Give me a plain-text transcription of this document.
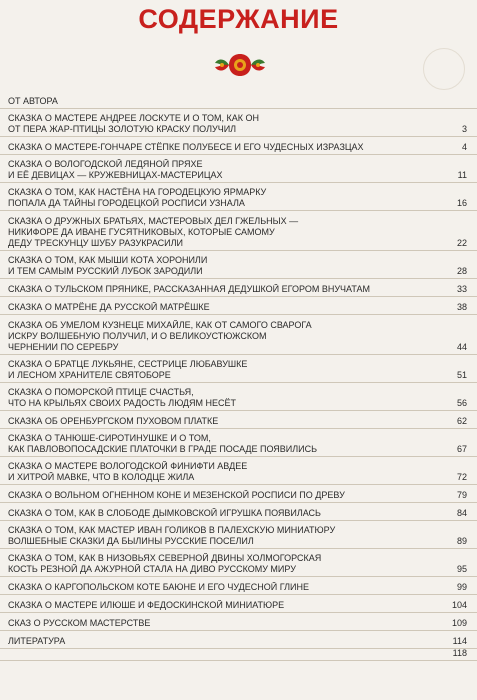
СОДЕРЖАНИЕ
ОТ АВТОРА
СКАЗКА О МАСТЕРЕ АНДРЕЕ ЛОСКУТЕ И О ТОМ, КАК ОН
ОТ ПЕРА ЖАР-ПТИЦЫ ЗОЛОТУЮ КРАСКУ ПОЛУЧИЛ	3
СКАЗКА О МАСТЕРЕ-ГОНЧАРЕ СТЁПКЕ ПОЛУБЕСЕ И ЕГО ЧУДЕСНЫХ ИЗРАЗЦАХ	4
СКАЗКА О ВОЛОГОДСКОЙ ЛЕДЯНОЙ ПРЯХЕ
И ЕЁ ДЕВИЦАХ — КРУЖЕВНИЦАХ-МАСТЕРИЦАХ	11
СКАЗКА О ТОМ, КАК НАСТЁНА НА ГОРОДЕЦКУЮ ЯРМАРКУ
ПОПАЛА ДА ТАЙНЫ ГОРОДЕЦКОЙ РОСПИСИ УЗНАЛА	16
СКАЗКА О ДРУЖНЫХ БРАТЬЯХ, МАСТЕРОВЫХ ДЕЛ ГЖЕЛЬНЫХ —
НИКИФОРЕ ДА ИВАНЕ ГУСЯТНИКОВЫХ, КОТОРЫЕ САМОМУ
ДЕДУ ТРЕСКУНЦУ ШУБУ РАЗУКРАСИЛИ	22
СКАЗКА О ТОМ, КАК МЫШИ КОТА ХОРОНИЛИ
И ТЕМ САМЫМ РУССКИЙ ЛУБОК ЗАРОДИЛИ	28
СКАЗКА О ТУЛЬСКОМ ПРЯНИКЕ, РАССКАЗАННАЯ ДЕДУШКОЙ ЕГОРОМ ВНУЧАТАМ	33
СКАЗКА О МАТРЁНЕ ДА РУССКОЙ МАТРЁШКЕ	38
СКАЗКА ОБ УМЕЛОМ КУЗНЕЦЕ МИХАЙЛЕ, КАК ОТ САМОГО СВАРОГА
ИСКРУ ВОЛШЕБНУЮ ПОЛУЧИЛ, И О ВЕЛИКОУСТЮЖСКОМ
ЧЕРНЕНИИ ПО СЕРЕБРУ	44
СКАЗКА О БРАТЦЕ ЛУКЬЯНЕ, СЕСТРИЦЕ ЛЮБАВУШКЕ
И ЛЕСНОМ ХРАНИТЕЛЕ СВЯТОБОРЕ	51
СКАЗКА О ПОМОРСКОЙ ПТИЦЕ СЧАСТЬЯ,
ЧТО НА КРЫЛЬЯХ СВОИХ РАДОСТЬ ЛЮДЯМ НЕСЁТ	56
СКАЗКА ОБ ОРЕНБУРГСКОМ ПУХОВОМ ПЛАТКЕ	62
СКАЗКА О ТАНЮШЕ-СИРОТИНУШКЕ И О ТОМ,
КАК ПАВЛОВОПОСАДСКИЕ ПЛАТОЧКИ В ГРАДЕ ПОСАДЕ ПОЯВИЛИСЬ	67
СКАЗКА О МАСТЕРЕ ВОЛОГОДСКОЙ ФИНИФТИ АВДЕЕ
И ХИТРОЙ МАВКЕ, ЧТО В КОЛОДЦЕ ЖИЛА	72
СКАЗКА О ВОЛЬНОМ ОГНЕННОМ КОНЕ И МЕЗЕНСКОЙ РОСПИСИ ПО ДРЕВУ	79
СКАЗКА О ТОМ, КАК В СЛОБОДЕ ДЫМКОВСКОЙ ИГРУШКА ПОЯВИЛАСЬ	84
СКАЗКА О ТОМ, КАК МАСТЕР ИВАН ГОЛИКОВ В ПАЛЕХСКУЮ МИНИАТЮРУ
ВОЛШЕБНЫЕ СКАЗКИ ДА БЫЛИНЫ РУССКИЕ ПОСЕЛИЛ	89
СКАЗКА О ТОМ, КАК В НИЗОВЬЯХ СЕВЕРНОЙ ДВИНЫ ХОЛМОГОРСКАЯ
КОСТЬ РЕЗНОЙ ДА АЖУРНОЙ СТАЛА НА ДИВО РУССКОМУ МИРУ	95
СКАЗКА О КАРГОПОЛЬСКОМ КОТЕ БАЮНЕ И ЕГО ЧУДЕСНОЙ ГЛИНЕ	99
СКАЗКА О МАСТЕРЕ ИЛЮШЕ И ФЕДОСКИНСКОЙ МИНИАТЮРЕ	104
СКАЗ О РУССКОМ МАСТЕРСТВЕ	109
ЛИТЕРАТУРА	114
118
